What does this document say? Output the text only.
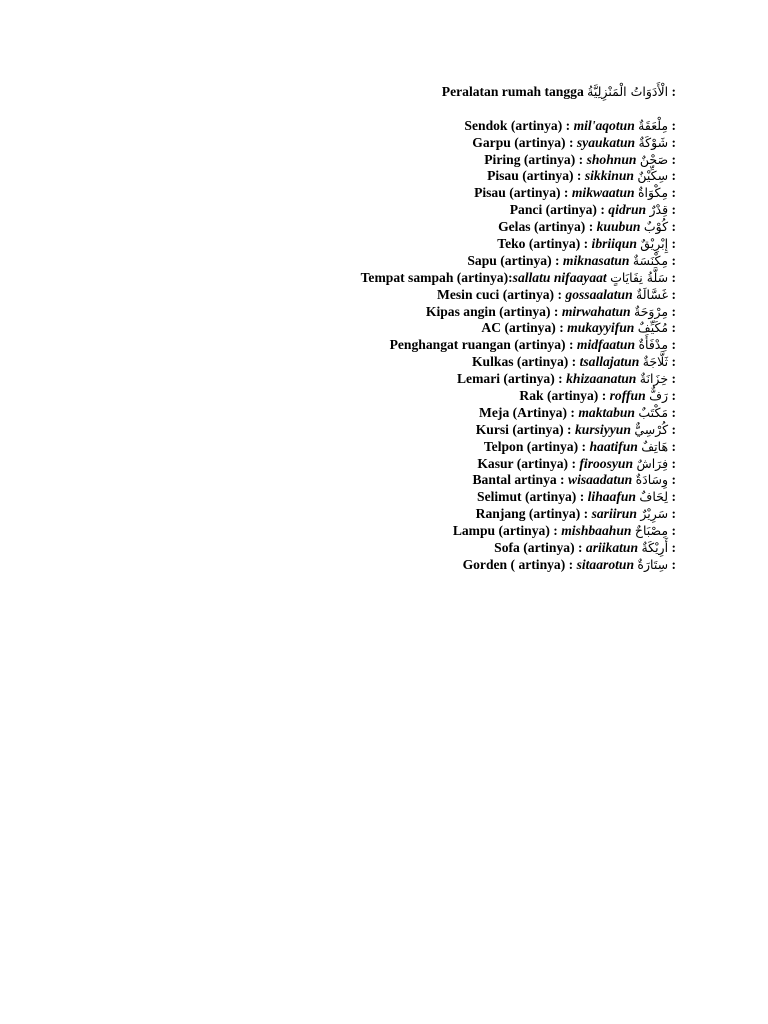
Peralatan rumah tangga الْأَدَوَاتُ الْمَنْزِلِيَّةُ :
Sendok (artinya) : mil'aqotun مِلْعَقَةٌ :
Garpu (artinya) : syaukatun شَوْكَةٌ :
Piring (artinya) : shohnun صَحْنٌ :
Pisau (artinya) : sikkinun سِكِّيْنٌ :
Pisau (artinya) : mikwaatun مِكْوَاةٌ :
Panci (artinya) : qidrun قِدْرٌ :
Gelas (artinya) : kuubun كُوْبٌ :
Teko (artinya) : ibriiqun إِبْرِيْقٌ :
Sapu (artinya) : miknasatun مِكْنَسَةٌ :
Tempat sampah (artinya):sallatu nifaayaat سَلَّةُ نِفَايَاتٍ :
Mesin cuci (artinya) : gossaalatun غَسَّالَةٌ :
Kipas angin (artinya) : mirwahatun مِرْوَحَةٌ :
AC (artinya) : mukayyifun مُكَيِّفٌ :
Penghangat ruangan (artinya) : midfaatun مِدْفَأَةٌ :
Kulkas (artinya) : tsallajatun ثَلَّاجَةٌ :
Lemari (artinya) : khizaanatun خِزَانَةٌ :
Rak (artinya) : roffun رَفٌّ :
Meja (Artinya) : maktabun مَكْتَبٌ :
Kursi (artinya) : kursiyyun كُرْسِيٌّ :
Telpon (artinya) : haatifun هَاتِفٌ :
Kasur (artinya) : firoosyun فِرَاشٌ :
Bantal artinya : wisaadatun وِسَادَةٌ :
Selimut (artinya) : lihaafun لِحَافٌ :
Ranjang (artinya) : sariirun سَرِيْرٌ :
Lampu (artinya) : mishbaahun مِصْبَاحٌ :
Sofa (artinya) : ariikatun أَرِيْكَةٌ :
Gorden ( artinya) : sitaarotun سِتَارَةٌ :
